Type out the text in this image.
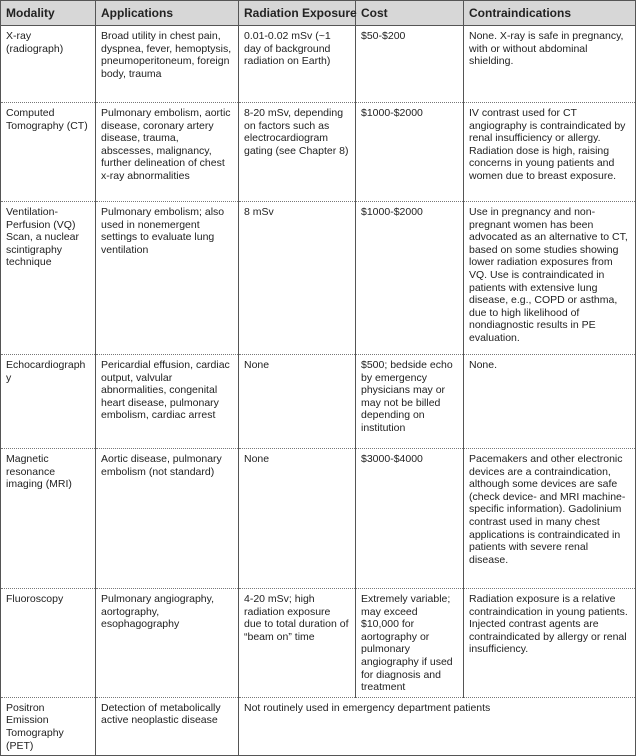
Modality	Applications	Radiation Exposure	Cost	Contraindications
X-ray (radiograph)	Broad utility in chest pain, dyspnea, fever, hemoptysis, pneumoperitoneum, foreign body, trauma	0.01-0.02 mSv (~1 day of background radiation on Earth)	$50-$200	None. X-ray is safe in pregnancy, with or without abdominal shielding.
Computed Tomography (CT)	Pulmonary embolism, aortic disease, coronary artery disease, trauma, abscesses, malignancy, further delineation of chest x-ray abnormalities	8-20 mSv, depending on factors such as electrocardiogram gating (see Chapter 8)	$1000-$2000	IV contrast used for CT angiography is contraindicated by renal insufficiency or allergy. Radiation dose is high, raising concerns in young patients and women due to breast exposure.
Ventilation-Perfusion (VQ) Scan, a nuclear scintigraphy technique	Pulmonary embolism; also used in nonemergent settings to evaluate lung ventilation	8 mSv	$1000-$2000	Use in pregnancy and non-pregnant women has been advocated as an alternative to CT, based on some studies showing lower radiation exposures from VQ. Use is contraindicated in patients with extensive lung disease, e.g., COPD or asthma, due to high likelihood of nondiagnostic results in PE evaluation.
Echocardiography	Pericardial effusion, cardiac output, valvular abnormalities, congenital heart disease, pulmonary embolism, cardiac arrest	None	$500; bedside echo by emergency physicians may or may not be billed depending on institution	None.
Magnetic resonance imaging (MRI)	Aortic disease, pulmonary embolism (not standard)	None	$3000-$4000	Pacemakers and other electronic devices are a contraindication, although some devices are safe (check device- and MRI machine-specific information). Gadolinium contrast used in many chest applications is contraindicated in patients with severe renal disease.
Fluoroscopy	Pulmonary angiography, aortography, esophagography	4-20 mSv; high radiation exposure due to total duration of “beam on” time	Extremely variable; may exceed $10,000 for aortography or pulmonary angiography if used for diagnosis and treatment	Radiation exposure is a relative contraindication in young patients. Injected contrast agents are contraindicated by allergy or renal insufficiency.
Positron Emission Tomography (PET)	Detection of metabolically active neoplastic disease	Not routinely used in emergency department patients		
